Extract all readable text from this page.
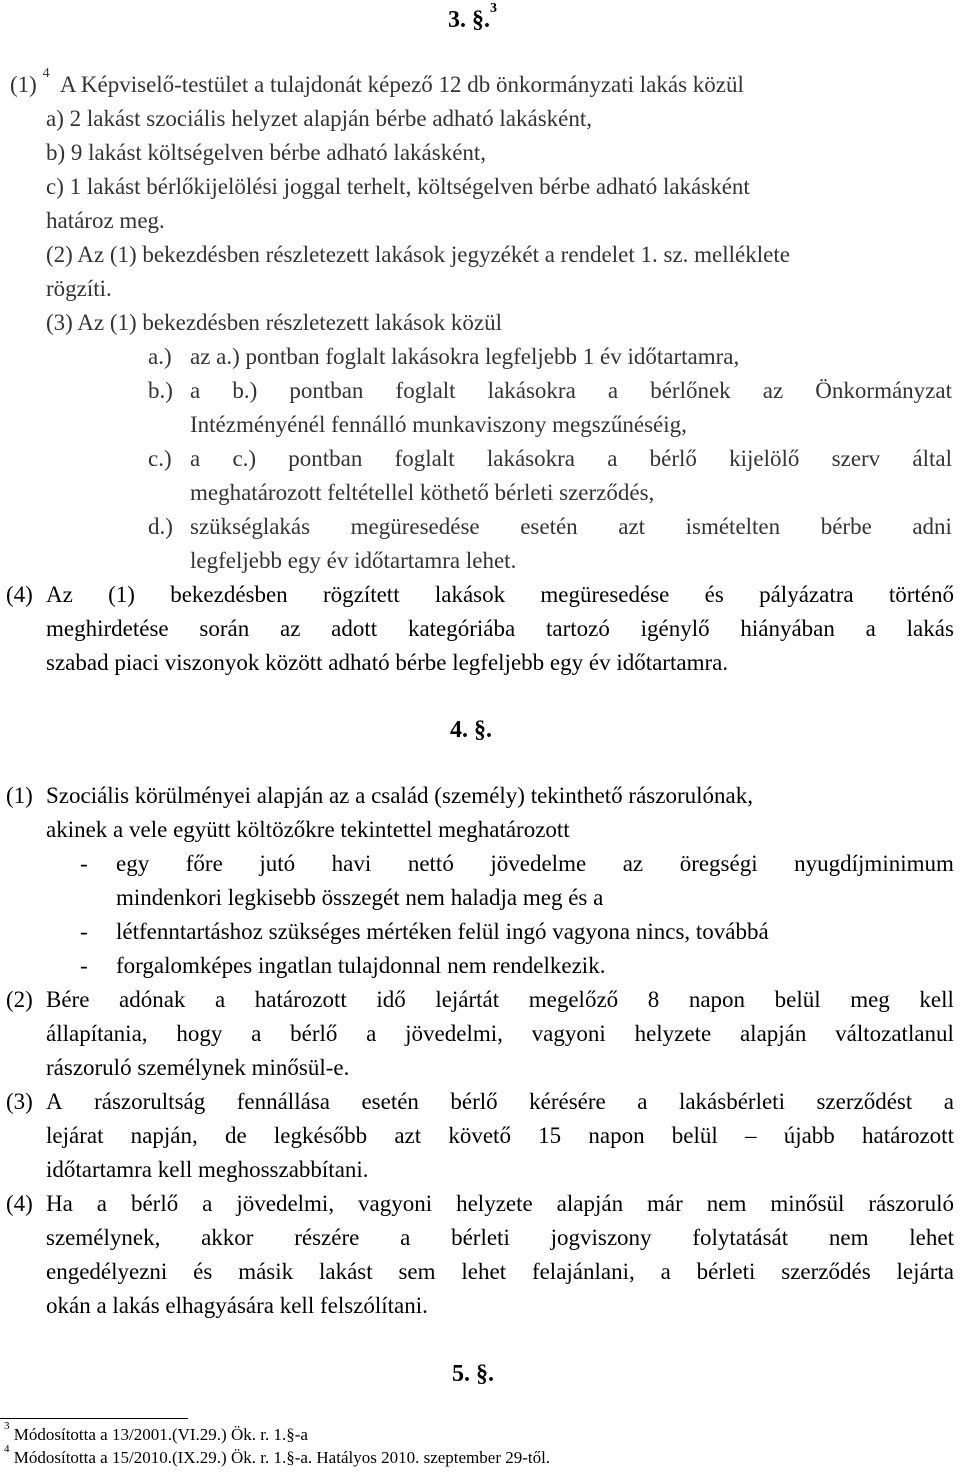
3. §.$^3$
(1) $^4$ A Képviselő-testület a tulajdonát képező 12 db önkormányzati lakás közül
a) 2 lakást szociális helyzet alapján bérbe adható lakásként,
b) 9 lakást költségelven bérbe adható lakásként,
c) 1 lakást bérlőkijelölési joggal terhelt, költségelven bérbe adható lakásként
határoz meg.
(2) Az (1) bekezdésben részletezett lakások jegyzékét a rendelet 1. sz. melléklete
rögzíti.
(3) Az (1) bekezdésben részletezett lakások közül
a.) az a.) pontban foglalt lakásokra legfeljebb 1 év időtartamra,
b.) a b.) pontban foglalt lakásokra a bérlőnek az Önkormányzat
Intézményénél fennálló munkaviszony megszűnéséig,
c.) a c.) pontban foglalt lakásokra a bérlő kijelölő szerv által
meghatározott feltétellel köthető bérleti szerződés,
d.) szükséglakás megüresedése esetén azt ismételten bérbe adni
legfeljebb egy év időtartamra lehet.
(4) Az (1) bekezdésben rögzített lakások megüresedése és pályázatra történő
meghirdetése során az adott kategóriába tartozó igénylő hiányában a lakás
szabad piaci viszonyok között adható bérbe legfeljebb egy év időtartamra.
4. §.
(1) Szociális körülményei alapján az a család (személy) tekinthető rászorulónak,
akinek a vele együtt költözőkre tekintettel meghatározott
- egy főre jutó havi nettó jövedelme az öregségi nyugdíjminimum
mindenkori legkisebb összegét nem haladja meg és a
- létfenntartáshoz szükséges mértéken felül ingó vagyona nincs, továbbá
- forgalomképes ingatlan tulajdonnal nem rendelkezik.
(2) Bére adónak a határozott idő lejártát megelőző 8 napon belül meg kell
állapítania, hogy a bérlő a jövedelmi, vagyoni helyzete alapján változatlanul
rászoruló személynek minősül-e.
(3) A rászorultság fennállása esetén bérlő kérésére a lakásbérleti szerződést a
lejárat napján, de legkésőbb azt követő 15 napon belül – újabb határozott
időtartamra kell meghosszabbítani.
(4) Ha a bérlő a jövedelmi, vagyoni helyzete alapján már nem minősül rászoruló
személynek, akkor részére a bérleti jogviszony folytatását nem lehet
engedélyezni és másik lakást sem lehet felajánlani, a bérleti szerződés lejárta
okán a lakás elhagyására kell felszólítani.
5. §.
$^3$ Módosította a 13/2001.(VI.29.) Ök. r. 1.§-a
$^4$ Módosította a 15/2010.(IX.29.) Ök. r. 1.§-a. Hatályos 2010. szeptember 29-től.
